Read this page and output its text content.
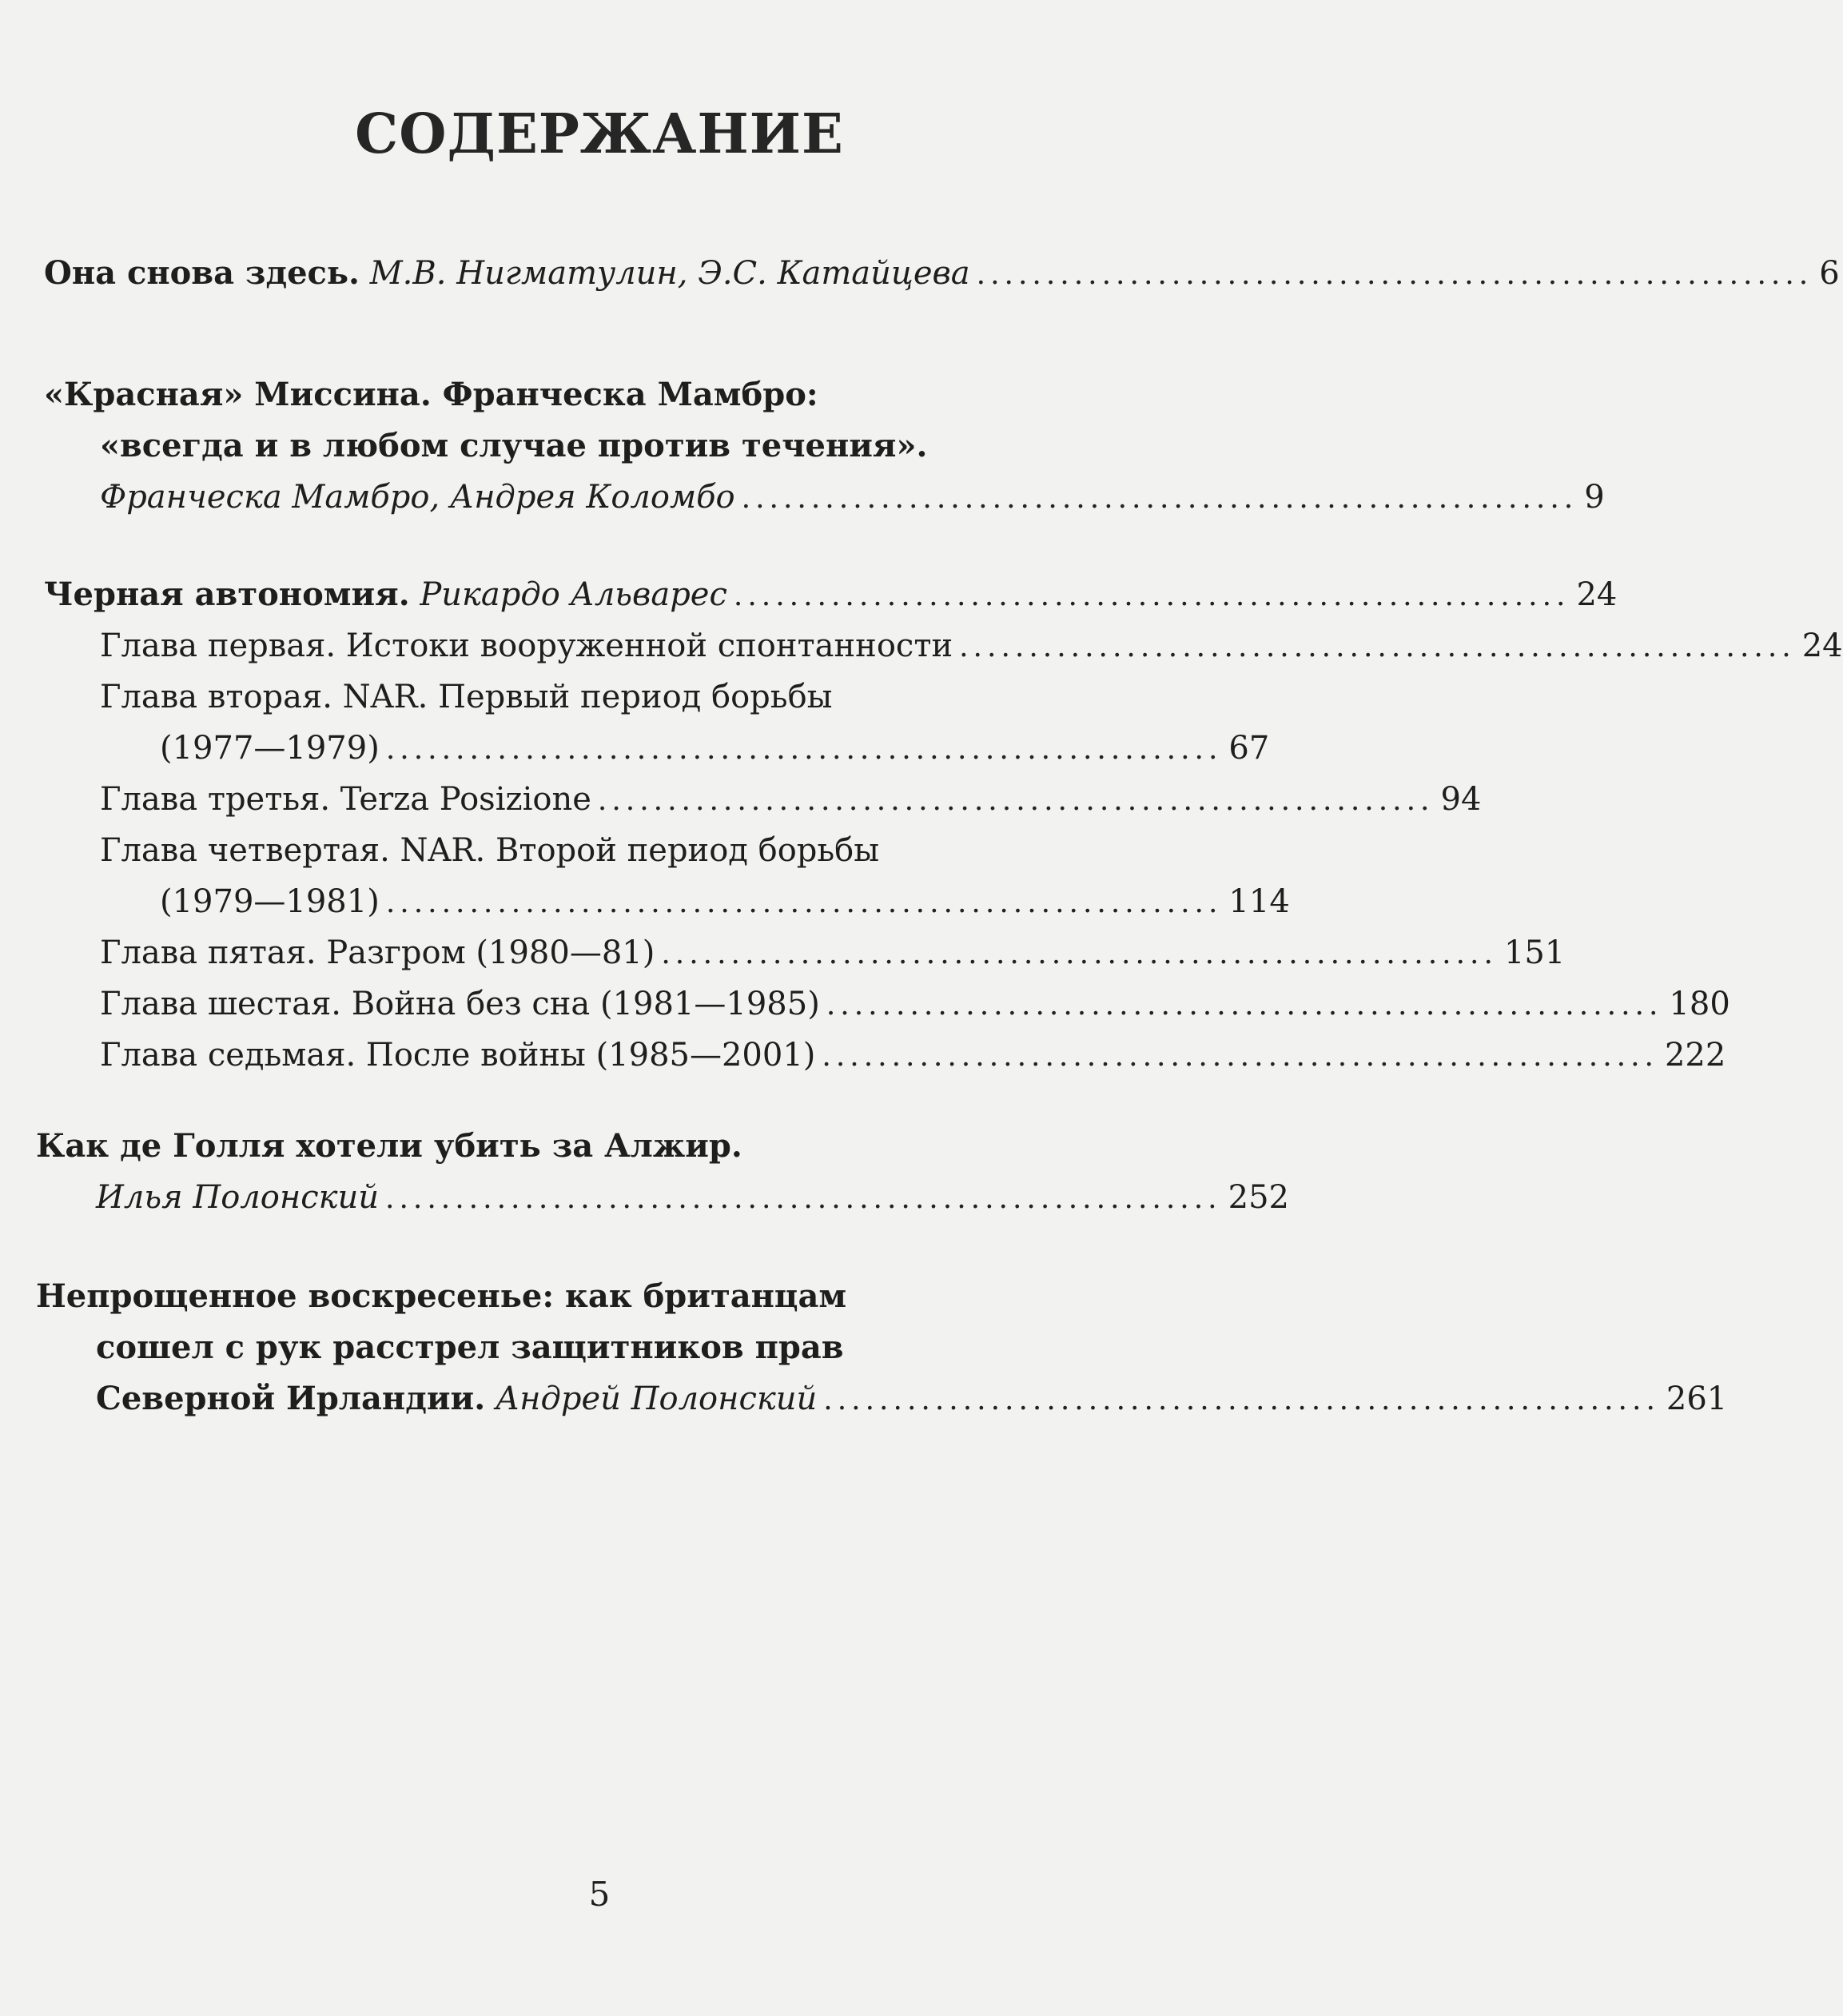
СОДЕРЖАНИЕ
Она снова здесь. М.В. Нигматулин, Э.С. Катайцева ............................................................ 6
«Красная» Миссина. Франческа Мамбро:
«всегда и в любом случае против течения».
Франческа Мамбро, Андрея Коломбо ............................................................ 9
Черная автономия. Рикардо Альварес ............................................................ 24
Глава первая. Истоки вооруженной спонтанности ............................................................ 24
Глава вторая. NAR. Первый период борьбы
(1977—1979) ............................................................ 67
Глава третья. Terza Posizione ............................................................ 94
Глава четвертая. NAR. Второй период борьбы
(1979—1981) ............................................................ 114
Глава пятая. Разгром (1980—81) ............................................................ 151
Глава шестая. Война без сна (1981—1985) ............................................................ 180
Глава седьмая. После войны (1985—2001) ............................................................ 222
Как де Голля хотели убить за Алжир.
Илья Полонский ............................................................ 252
Непрощенное воскресенье: как британцам
сошел с рук расстрел защитников прав
Северной Ирландии. Андрей Полонский ............................................................ 261
5
